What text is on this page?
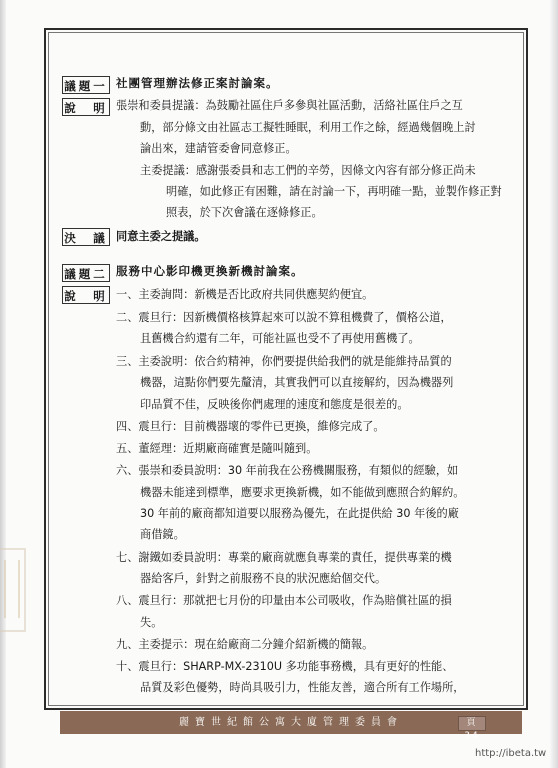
議題一 社團管理辦法修正案討論案。
說　明 張崇和委員提議：為鼓勵社區住戶多參與社區活動，活絡社區住戶之互
動，部分條文由社區志工擬牲睡眠，利用工作之餘，經過幾個晚上討
論出來，建請管委會同意修正。
主委提議：感謝張委員和志工們的辛勞，因條文內容有部分修正尚未
明確，如此修正有困難，請在討論一下，再明確一點，並製作修正對
照表，於下次會議在逐條修正。
決　議 同意主委之提議。
議題二 服務中心影印機更換新機討論案。
說　明 一、主委詢問：新機是否比政府共同供應契約便宜。
二、震旦行：因新機價格核算起來可以說不算租機費了，價格公道，
且舊機合約還有二年，可能社區也受不了再使用舊機了。
三、主委說明：依合約精神，你們要提供給我們的就是能維持品質的
機器，這點你們要先釐清，其實我們可以直接解約，因為機器列
印品質不佳，反映後你們處理的速度和態度是很差的。
四、震旦行：目前機器壞的零件已更換，維修完成了。
五、董經理：近期廠商確實是隨叫隨到。
六、張崇和委員說明：30 年前我在公務機關服務，有類似的經驗，如
機器未能達到標準，應要求更換新機，如不能做到應照合約解約。
30 年前的廠商都知道要以服務為優先，在此提供給 30 年後的廠
商借鏡。
七、謝鐵如委員說明：專業的廠商就應負專業的責任，提供專業的機
器給客戶，針對之前服務不良的狀況應給個交代。
八、震旦行：那就把七月份的印量由本公司吸收，作為賠償社區的損
失。
九、主委提示：現在給廠商二分鐘介紹新機的簡報。
十、震旦行：SHARP-MX-2310U 多功能事務機，具有更好的性能、
品質及彩色優勢，時尚具吸引力，性能友善，適合所有工作場所，
麗寶世紀館公寓大廈管理委員會	頁 34
http://ibeta.tw
